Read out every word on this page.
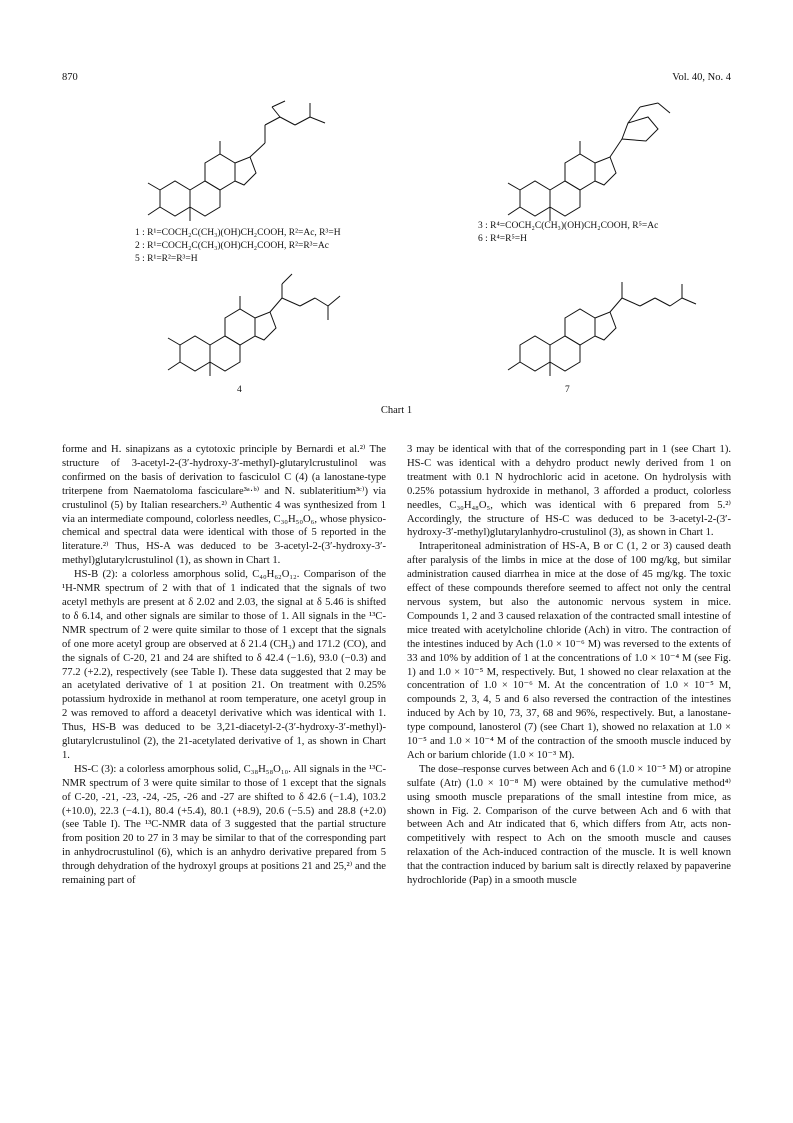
870	Vol. 40, No. 4
1 : R¹=COCH₂C(CH₃)(OH)CH₂COOH, R²=Ac, R³=H
2 : R¹=COCH₂C(CH₃)(OH)CH₂COOH, R²=R³=Ac
5 : R¹=R²=R³=H
3 : R⁴=COCH₂C(CH₃)(OH)CH₂COOH, R⁵=Ac
6 : R⁴=R⁵=H
4	7
Chart 1

forme and H. sinapizans as a cytotoxic principle by Bernardi et al.²⁾ The structure of 3-acetyl-2-(3′-hydroxy-3′-methyl)-glutarylcrustulinol was confirmed on the basis of derivation to fasciculol C (4) (a lanostane-type triterpene from Naematoloma fasciculare³ᵃ·ᵇ⁾ and N. sublateritium³ᶜ⁾) via crustulinol (5) by Italian researchers.²⁾ Authentic 4 was synthesized from 1 via an intermediate compound, colorless needles, C₃₀H₅₀O₆, whose physico-chemical and spectral data were identical with those of 5 reported in the literature.²⁾ Thus, HS-A was deduced to be 3-acetyl-2-(3′-hydroxy-3′-methyl)glutarylcrustulinol (1), as shown in Chart 1.

HS-B (2): a colorless amorphous solid, C₄₀H₆₂O₁₂. Comparison of the ¹H-NMR spectrum of 2 with that of 1 indicated that the signals of two acetyl methyls are present at δ 2.02 and 2.03, the signal at δ 5.46 is shifted to δ 6.14, and other signals are similar to those of 1. All signals in the ¹³C-NMR spectrum of 2 were quite similar to those of 1 except that the signals of one more acetyl group are observed at δ 21.4 (CH₃) and 171.2 (CO), and the signals of C-20, 21 and 24 are shifted to δ 42.4 (−1.6), 93.0 (−0.3) and 77.2 (+2.2), respectively (see Table I). These data suggested that 2 may be an acetylated derivative of 1 at position 21. On treatment with 0.25% potassium hydroxide in methanol at room temperature, one acetyl group in 2 was removed to afford a deacetyl derivative which was identical with 1. Thus, HS-B was deduced to be 3,21-diacetyl-2-(3′-hydroxy-3′-methyl)-glutarylcrustulinol (2), the 21-acetylated derivative of 1, as shown in Chart 1.

HS-C (3): a colorless amorphous solid, C₃₈H₅₈O₁₀. All signals in the ¹³C-NMR spectrum of 3 were quite similar to those of 1 except that the signals of C-20, -21, -23, -24, -25, -26 and -27 are shifted to δ 42.6 (−1.4), 103.2 (+10.0), 22.3 (−4.1), 80.4 (+5.4), 80.1 (+8.9), 20.6 (−5.5) and 28.8 (+2.0) (see Table I). The ¹³C-NMR data of 3 suggested that the partial structure from position 20 to 27 in 3 may be similar to that of the corresponding part in anhydrocrustulinol (6), which is an anhydro derivative prepared from 5 through dehydration of the hydroxyl groups at positions 21 and 25,²⁾ and the remaining part of

3 may be identical with that of the corresponding part in 1 (see Chart 1). HS-C was identical with a dehydro product newly derived from 1 on treatment with 0.1 N hydrochloric acid in acetone. On hydrolysis with 0.25% potassium hydroxide in methanol, 3 afforded a product, colorless needles, C₃₀H₄₈O₅, which was identical with 6 prepared from 5.²⁾ Accordingly, the structure of HS-C was deduced to be 3-acetyl-2-(3′-hydroxy-3′-methyl)glutarylanhydro-crustulinol (3), as shown in Chart 1.

Intraperitoneal administration of HS-A, B or C (1, 2 or 3) caused death after paralysis of the limbs in mice at the dose of 100 mg/kg, but similar administration caused diarrhea in mice at the dose of 45 mg/kg. The toxic effect of these compounds therefore seemed to affect not only the central nervous system, but also the autonomic nervous system in mice. Compounds 1, 2 and 3 caused relaxation of the contracted small intestine of mice treated with acetylcholine chloride (Ach) in vitro. The contraction of the intestines induced by Ach (1.0 × 10⁻⁶ M) was reversed to the extents of 33 and 10% by addition of 1 at the concentrations of 1.0 × 10⁻⁴ M (see Fig. 1) and 1.0 × 10⁻⁵ M, respectively. But, 1 showed no clear relaxation at the concentration of 1.0 × 10⁻⁶ M. At the concentration of 1.0 × 10⁻⁵ M, compounds 2, 3, 4, 5 and 6 also reversed the contraction of the intestines induced by Ach by 10, 73, 37, 68 and 96%, respectively. But, a lanostane-type compound, lanosterol (7) (see Chart 1), showed no relaxation at 1.0 × 10⁻⁵ and 1.0 × 10⁻⁴ M of the contraction of the smooth muscle induced by Ach or barium chloride (1.0 × 10⁻³ M).

The dose–response curves between Ach and 6 (1.0 × 10⁻⁵ M) or atropine sulfate (Atr) (1.0 × 10⁻⁸ M) were obtained by the cumulative method⁴⁾ using smooth muscle preparations of the small intestine from mice, as shown in Fig. 2. Comparison of the curve between Ach and 6 with that between Ach and Atr indicated that 6, which differs from Atr, acts non-competitively with respect to Ach on the smooth muscle and causes relaxation of the Ach-induced contraction of the muscle. It is well known that the contraction induced by barium salt is directly relaxed by papaverine hydrochloride (Pap) in a smooth muscle
